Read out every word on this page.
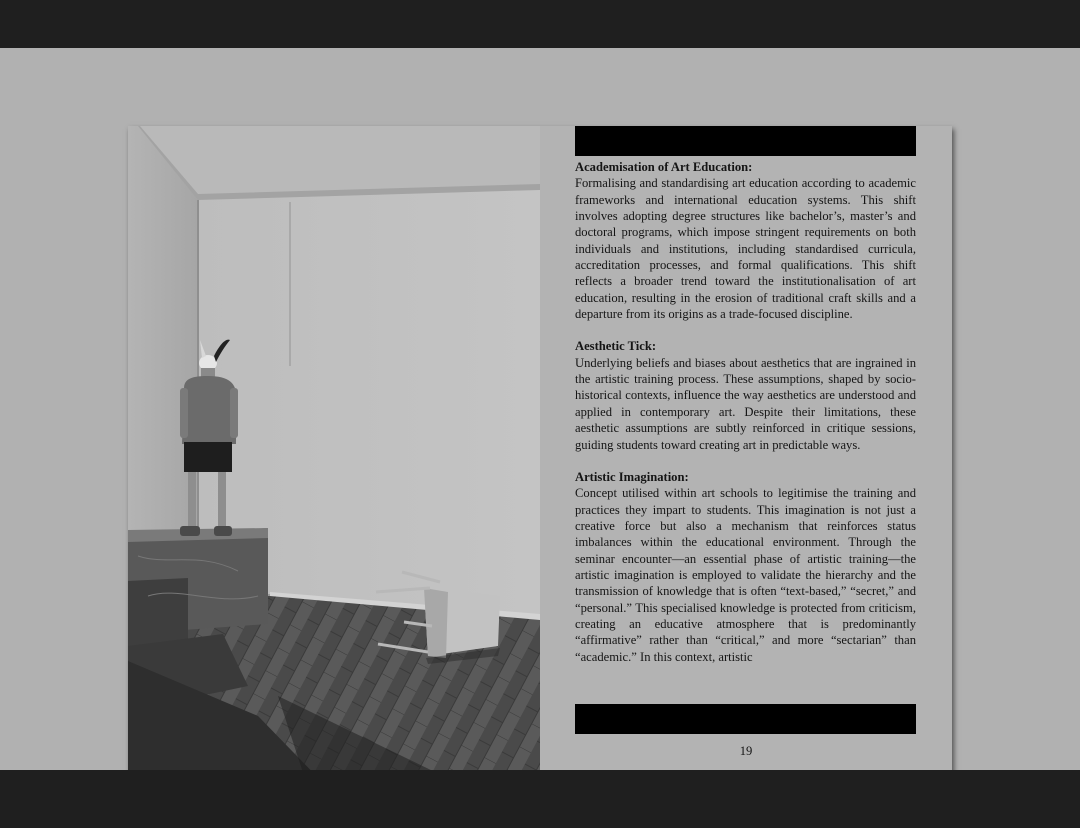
Academisation of Art Education:

Formalising and standardising art education according to academic frameworks and international education systems. This shift involves adopting degree structures like bachelor’s, master’s and doctoral programs, which impose stringent requirements on both individuals and institutions, including standardised curricula, accreditation processes, and formal qualifications. This shift reflects a broader trend toward the institutionalisation of art education, resulting in the erosion of traditional craft skills and a departure from its origins as a trade-focused discipline.

Aesthetic Tick:

Underlying beliefs and biases about aesthetics that are ingrained in the artistic training process. These assumptions, shaped by socio-historical contexts, influence the way aesthetics are understood and applied in contemporary art. Despite their limitations, these aesthetic assumptions are subtly reinforced in critique sessions, guiding students toward creating art in predictable ways.

Artistic Imagination:

Concept utilised within art schools to legitimise the training and practices they impart to students. This imagination is not just a creative force but also a mechanism that reinforces status imbalances within the educational environment. Through the seminar encounter—an essential phase of artistic training—the artistic imagination is employed to validate the hierarchy and the transmission of knowledge that is often “text-based,” “secret,” and “personal.” This specialised knowledge is protected from criticism, creating an educative atmosphere that is predominantly “affirmative” rather than “critical,” and more “sectarian” than “academic.” In this context, artistic

19
